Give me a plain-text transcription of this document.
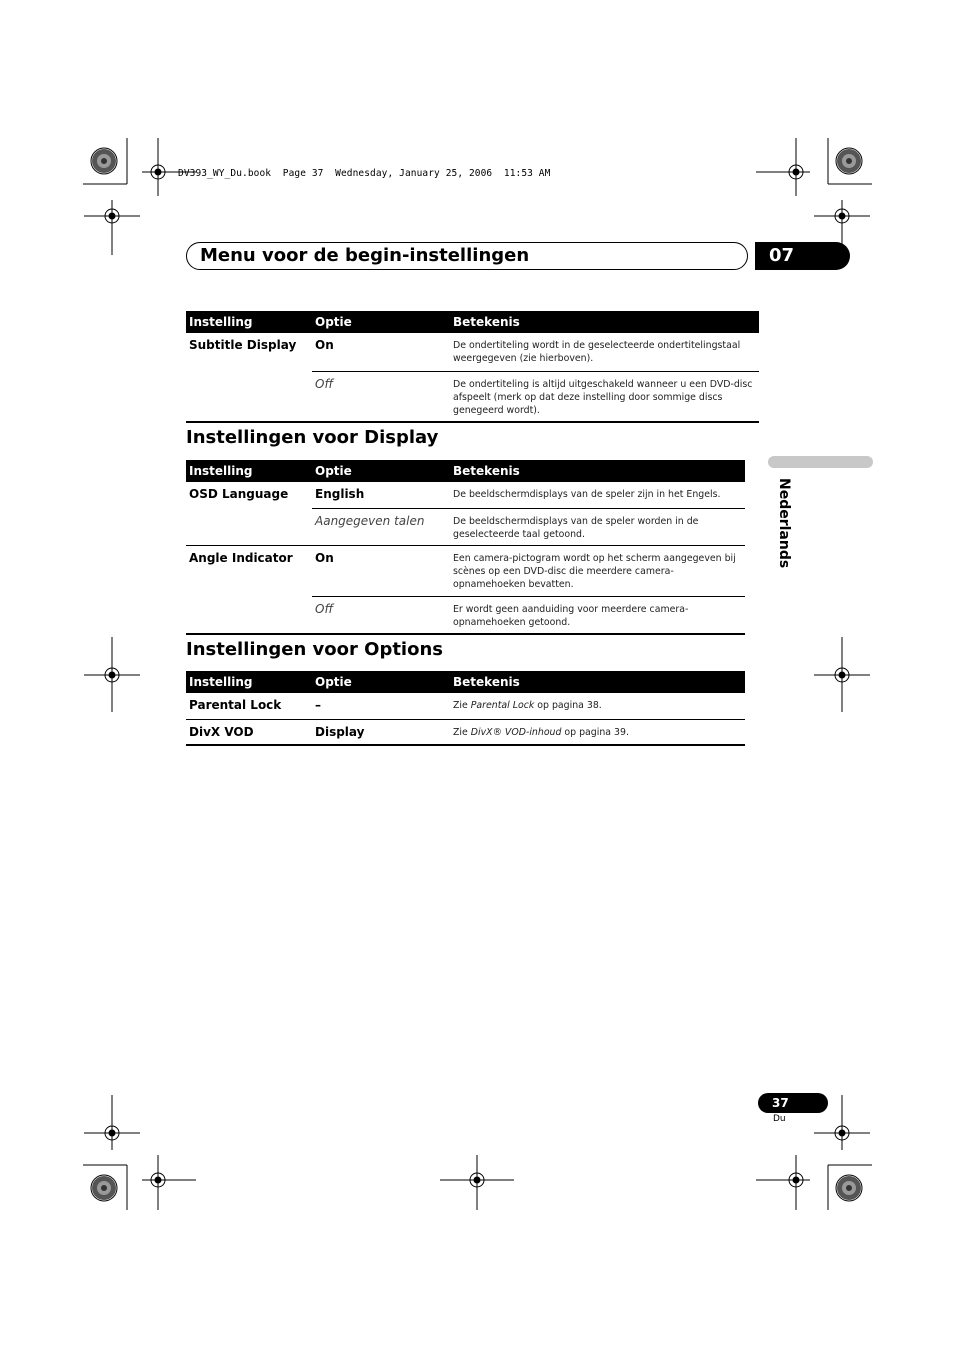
DV393_WY_Du.book  Page 37  Wednesday, January 25, 2006  11:53 AM
Menu voor de begin-instellingen	07
Nederlands
Instelling	Optie	Betekenis
Subtitle Display	On	De ondertiteling wordt in de geselecteerde ondertitelingstaal weergegeven (zie hierboven).
	Off	De ondertiteling is altijd uitgeschakeld wanneer u een DVD-disc afspeelt (merk op dat deze instelling door sommige discs genegeerd wordt).
Instellingen voor Display
Instelling	Optie	Betekenis
OSD Language	English	De beeldschermdisplays van de speler zijn in het Engels.
	Aangegeven talen	De beeldschermdisplays van de speler worden in de geselecteerde taal getoond.
Angle Indicator	On	Een camera-pictogram wordt op het scherm aangegeven bij scènes op een DVD-disc die meerdere camera-opnamehoeken bevatten.
	Off	Er wordt geen aanduiding voor meerdere camera-opnamehoeken getoond.
Instellingen voor Options
Instelling	Optie	Betekenis
Parental Lock	–	Zie Parental Lock op pagina 38.
DivX VOD	Display	Zie DivX® VOD-inhoud op pagina 39.
37
Du
